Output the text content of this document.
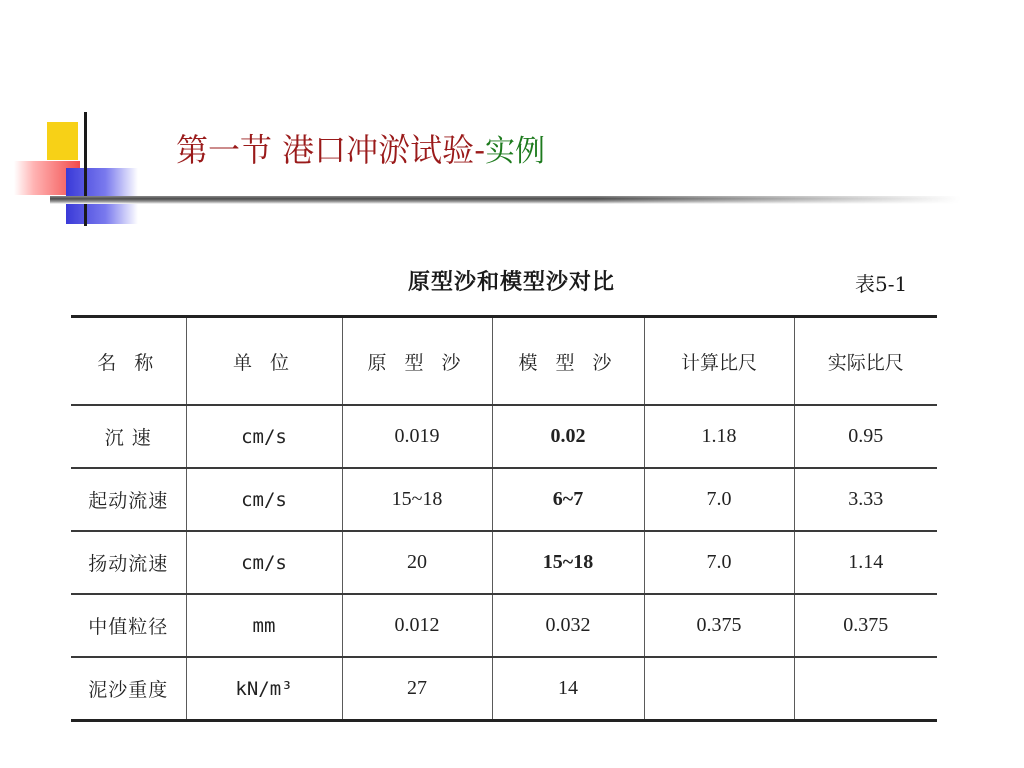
第一节 港口冲淤试验-实例
原型沙和模型沙对比	表5-1
名 称	单 位	原 型 沙	模 型 沙	计算比尺	实际比尺
沉 速	cm/s	0.019	0.02	1.18	0.95
起动流速	cm/s	15~18	6~7	7.0	3.33
扬动流速	cm/s	20	15~18	7.0	1.14
中值粒径	mm	0.012	0.032	0.375	0.375
泥沙重度	kN/m³	27	14		
